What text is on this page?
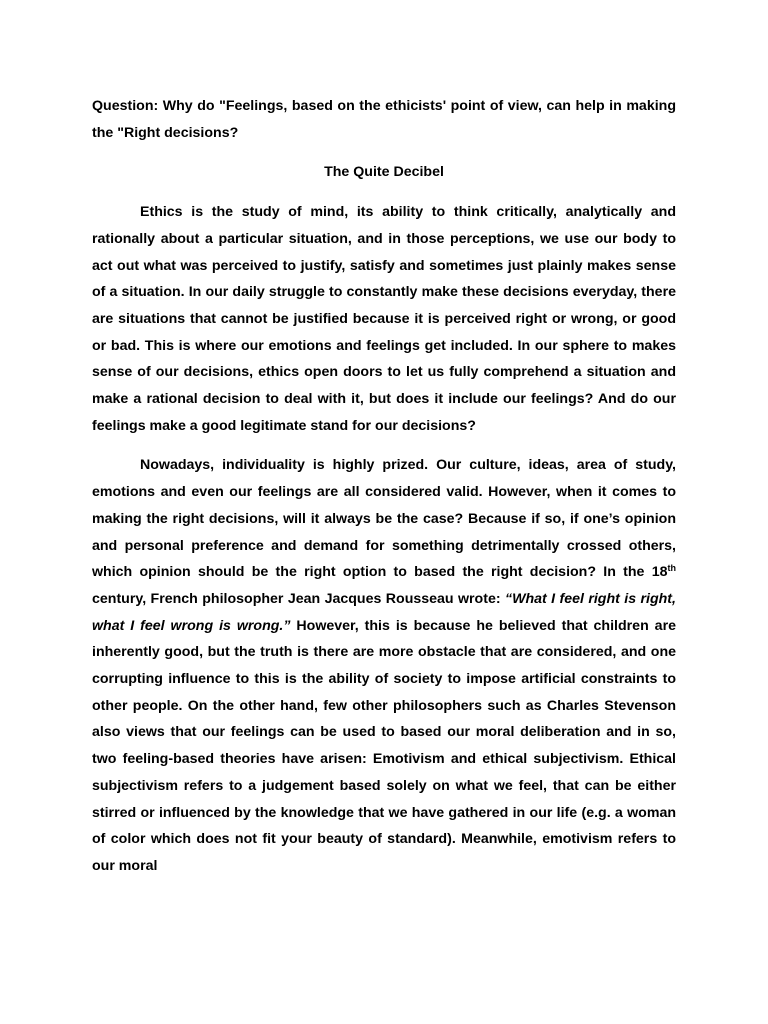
Question: Why do "Feelings, based on the ethicists' point of view, can help in making the "Right decisions?

The Quite Decibel

Ethics is the study of mind, its ability to think critically, analytically and rationally about a particular situation, and in those perceptions, we use our body to act out what was perceived to justify, satisfy and sometimes just plainly makes sense of a situation. In our daily struggle to constantly make these decisions everyday, there are situations that cannot be justified because it is perceived right or wrong, or good or bad. This is where our emotions and feelings get included. In our sphere to makes sense of our decisions, ethics open doors to let us fully comprehend a situation and make a rational decision to deal with it, but does it include our feelings? And do our feelings make a good legitimate stand for our decisions?

Nowadays, individuality is highly prized. Our culture, ideas, area of study, emotions and even our feelings are all considered valid. However, when it comes to making the right decisions, will it always be the case? Because if so, if one’s opinion and personal preference and demand for something detrimentally crossed others, which opinion should be the right option to based the right decision? In the 18th century, French philosopher Jean Jacques Rousseau wrote: “What I feel right is right, what I feel wrong is wrong.” However, this is because he believed that children are inherently good, but the truth is there are more obstacle that are considered, and one corrupting influence to this is the ability of society to impose artificial constraints to other people. On the other hand, few other philosophers such as Charles Stevenson also views that our feelings can be used to based our moral deliberation and in so, two feeling-based theories have arisen: Emotivism and ethical subjectivism. Ethical subjectivism refers to a judgement based solely on what we feel, that can be either stirred or influenced by the knowledge that we have gathered in our life (e.g. a woman of color which does not fit your beauty of standard). Meanwhile, emotivism refers to our moral
